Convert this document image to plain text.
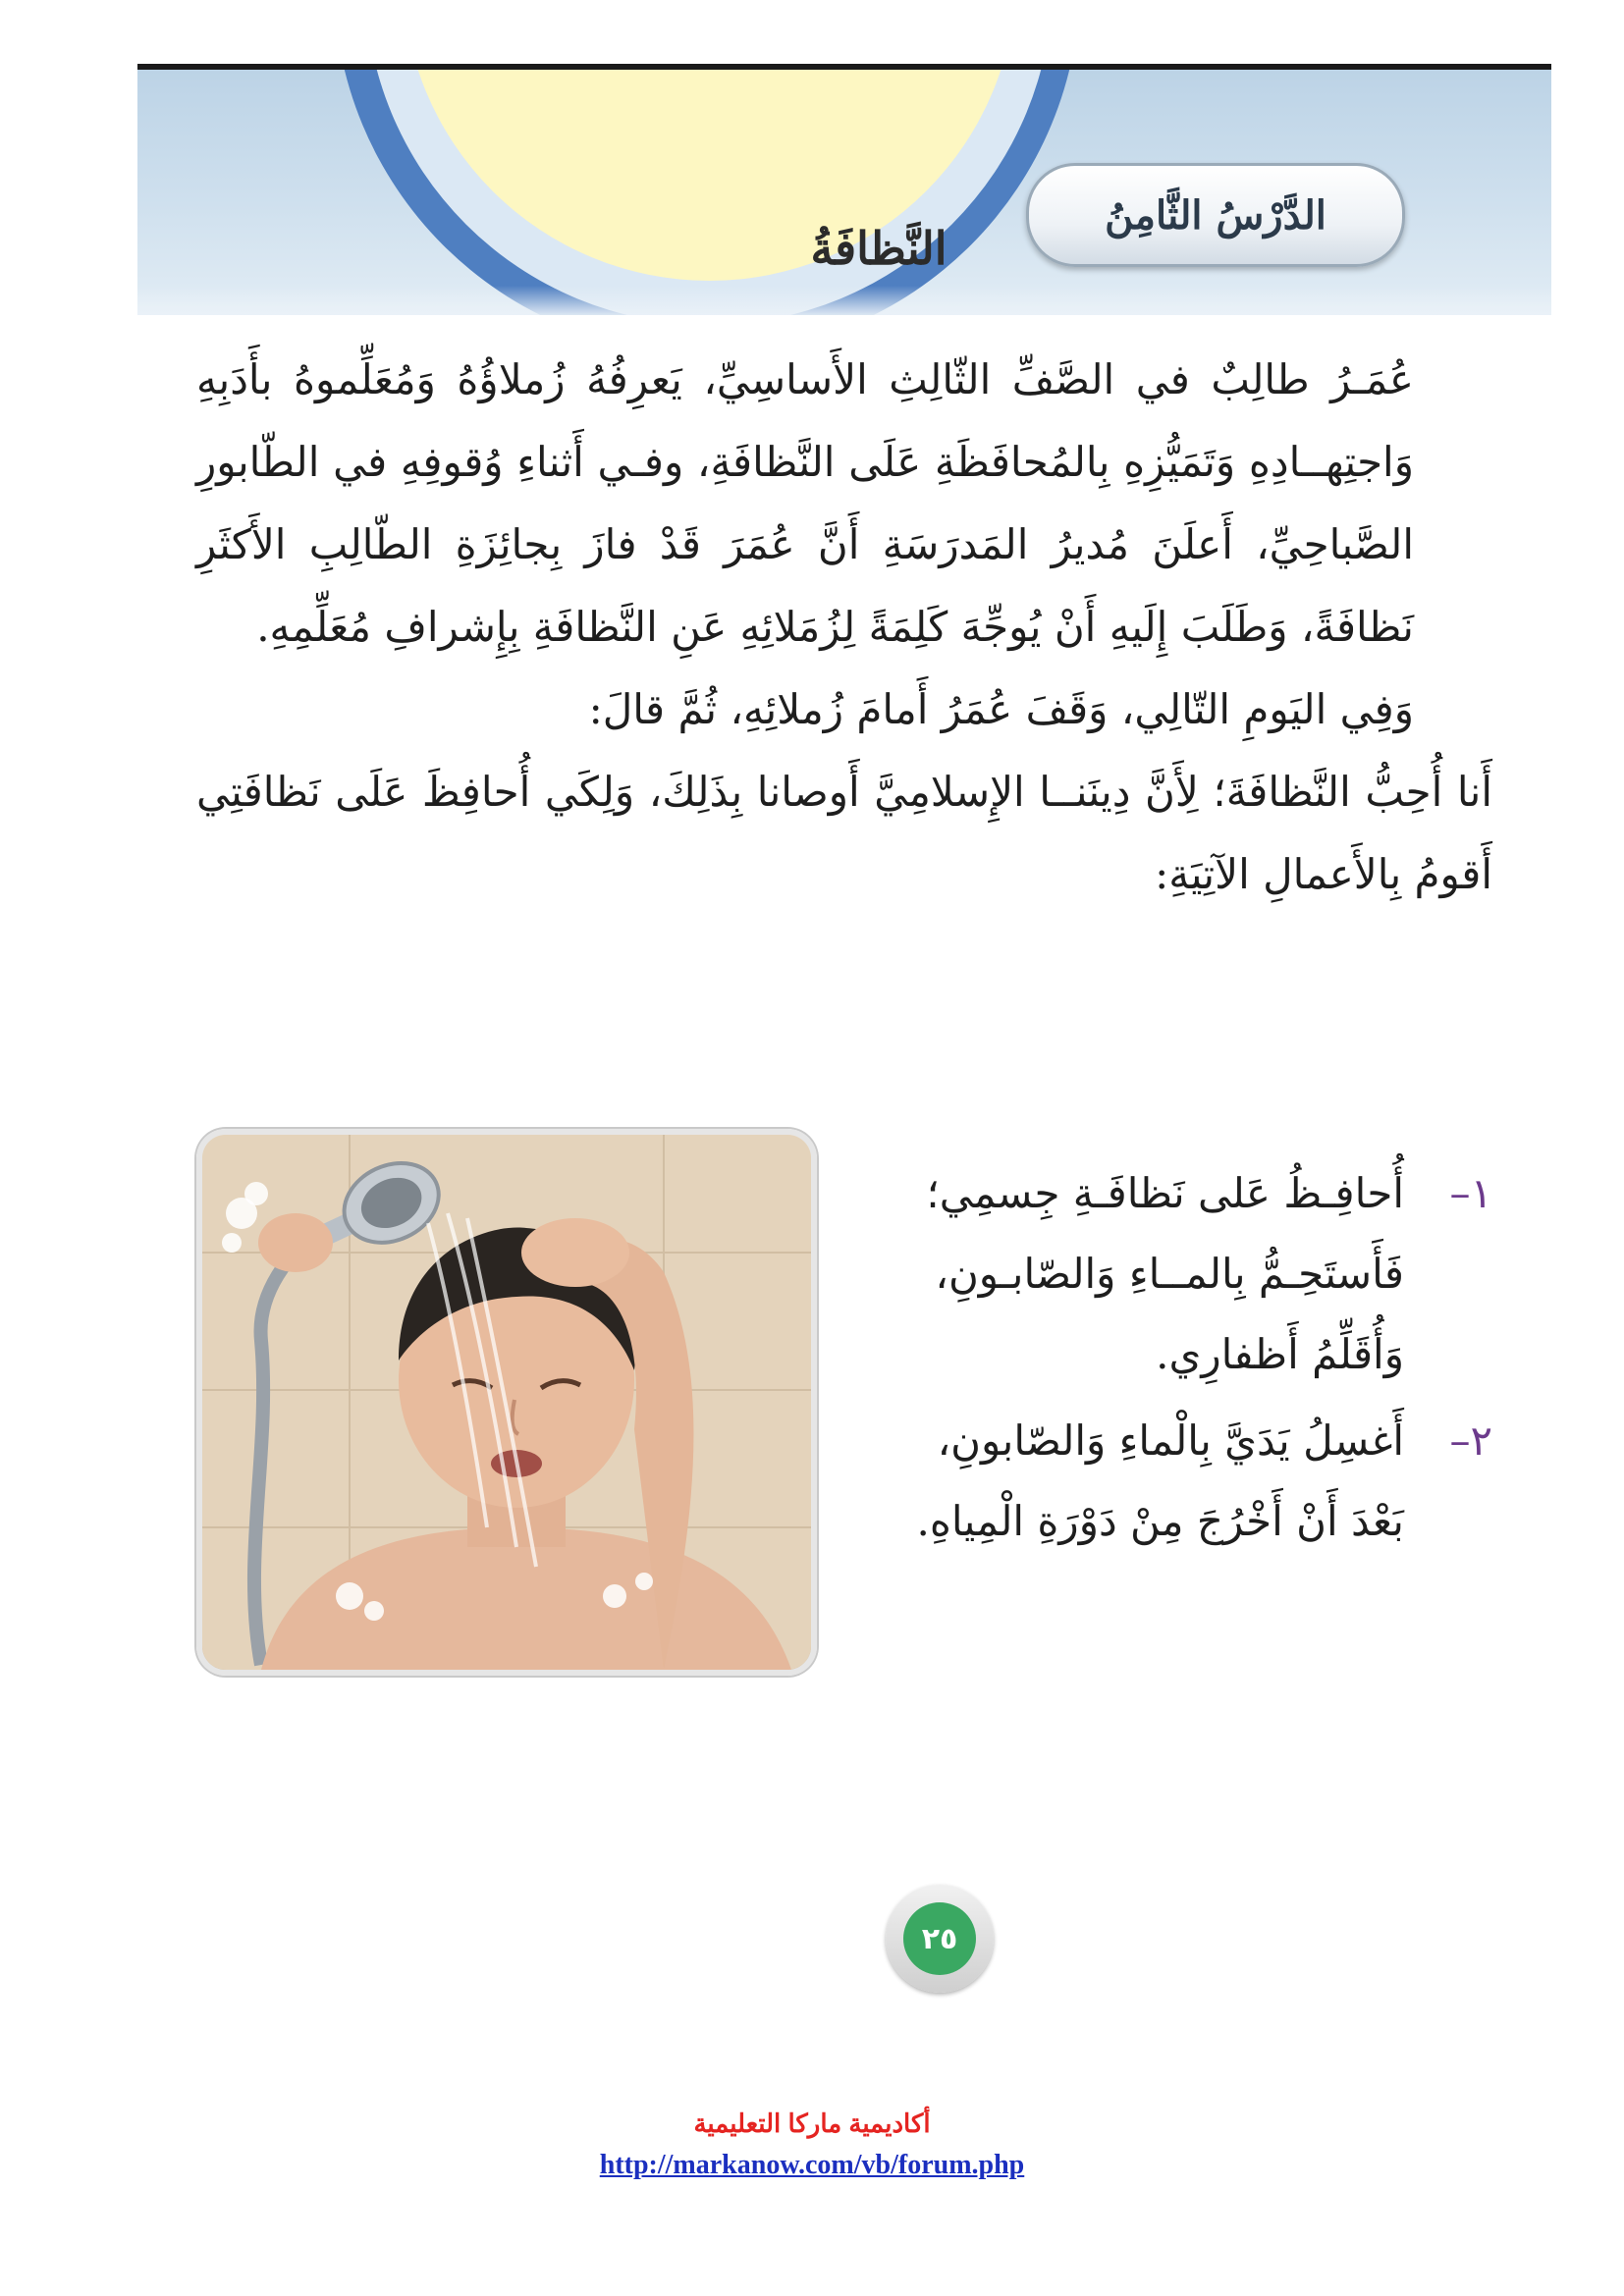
النَّظافَةُ
الدَّرْسُ الثَّامِنُ

عُمَـرُ طالِبٌ في الصَّفِّ الثّالِثِ الأَساسِيِّ، يَعرِفُهُ زُملاؤُهُ وَمُعَلِّموهُ بأَدَبِهِ وَاجتِهــادِهِ وَتَمَيُّزِهِ بِالمُحافَظَةِ عَلَى النَّظافَةِ، وفـي أَثناءِ وُقوفِهِ في الطّابورِ الصَّباحِيِّ، أَعلَنَ مُديرُ المَدرَسَةِ أَنَّ عُمَرَ قَدْ فازَ بِجائِزَةِ الطّالِبِ الأَكثَرِ نَظافَةً، وَطَلَبَ إِلَيهِ أَنْ يُوجِّهَ كَلِمَةً لِزُمَلائِهِ عَنِ النَّظافَةِ بِإِشرافِ مُعَلِّمِهِ.

وَفِي اليَومِ التّالِي، وَقَفَ عُمَرُ أَمامَ زُملائِهِ، ثُمَّ قالَ:

أَنا أُحِبُّ النَّظافَةَ؛ لِأَنَّ دِينَنــا الإِسلامِيَّ أَوصانا بِذَلِكَ، وَلِكَي أُحافِظَ عَلَى نَظافَتِي أَقومُ بِالأَعمالِ الآتِيَةِ:

١–
أُحافِـظُ عَلى نَظافَـةِ جِسمِي؛
فَأَستَحِـمُّ بِالمــاءِ وَالصّابـونِ،
وَأُقَلِّمُ أَظفارِي.
٢–
أَغسِلُ يَدَيَّ بِالْماءِ وَالصّابونِ،
بَعْدَ أَنْ أَخْرُجَ مِنْ دَوْرَةِ الْمِياهِ.
٢٥
أكاديمية ماركا التعليمية
http://markanow.com/vb/forum.php
